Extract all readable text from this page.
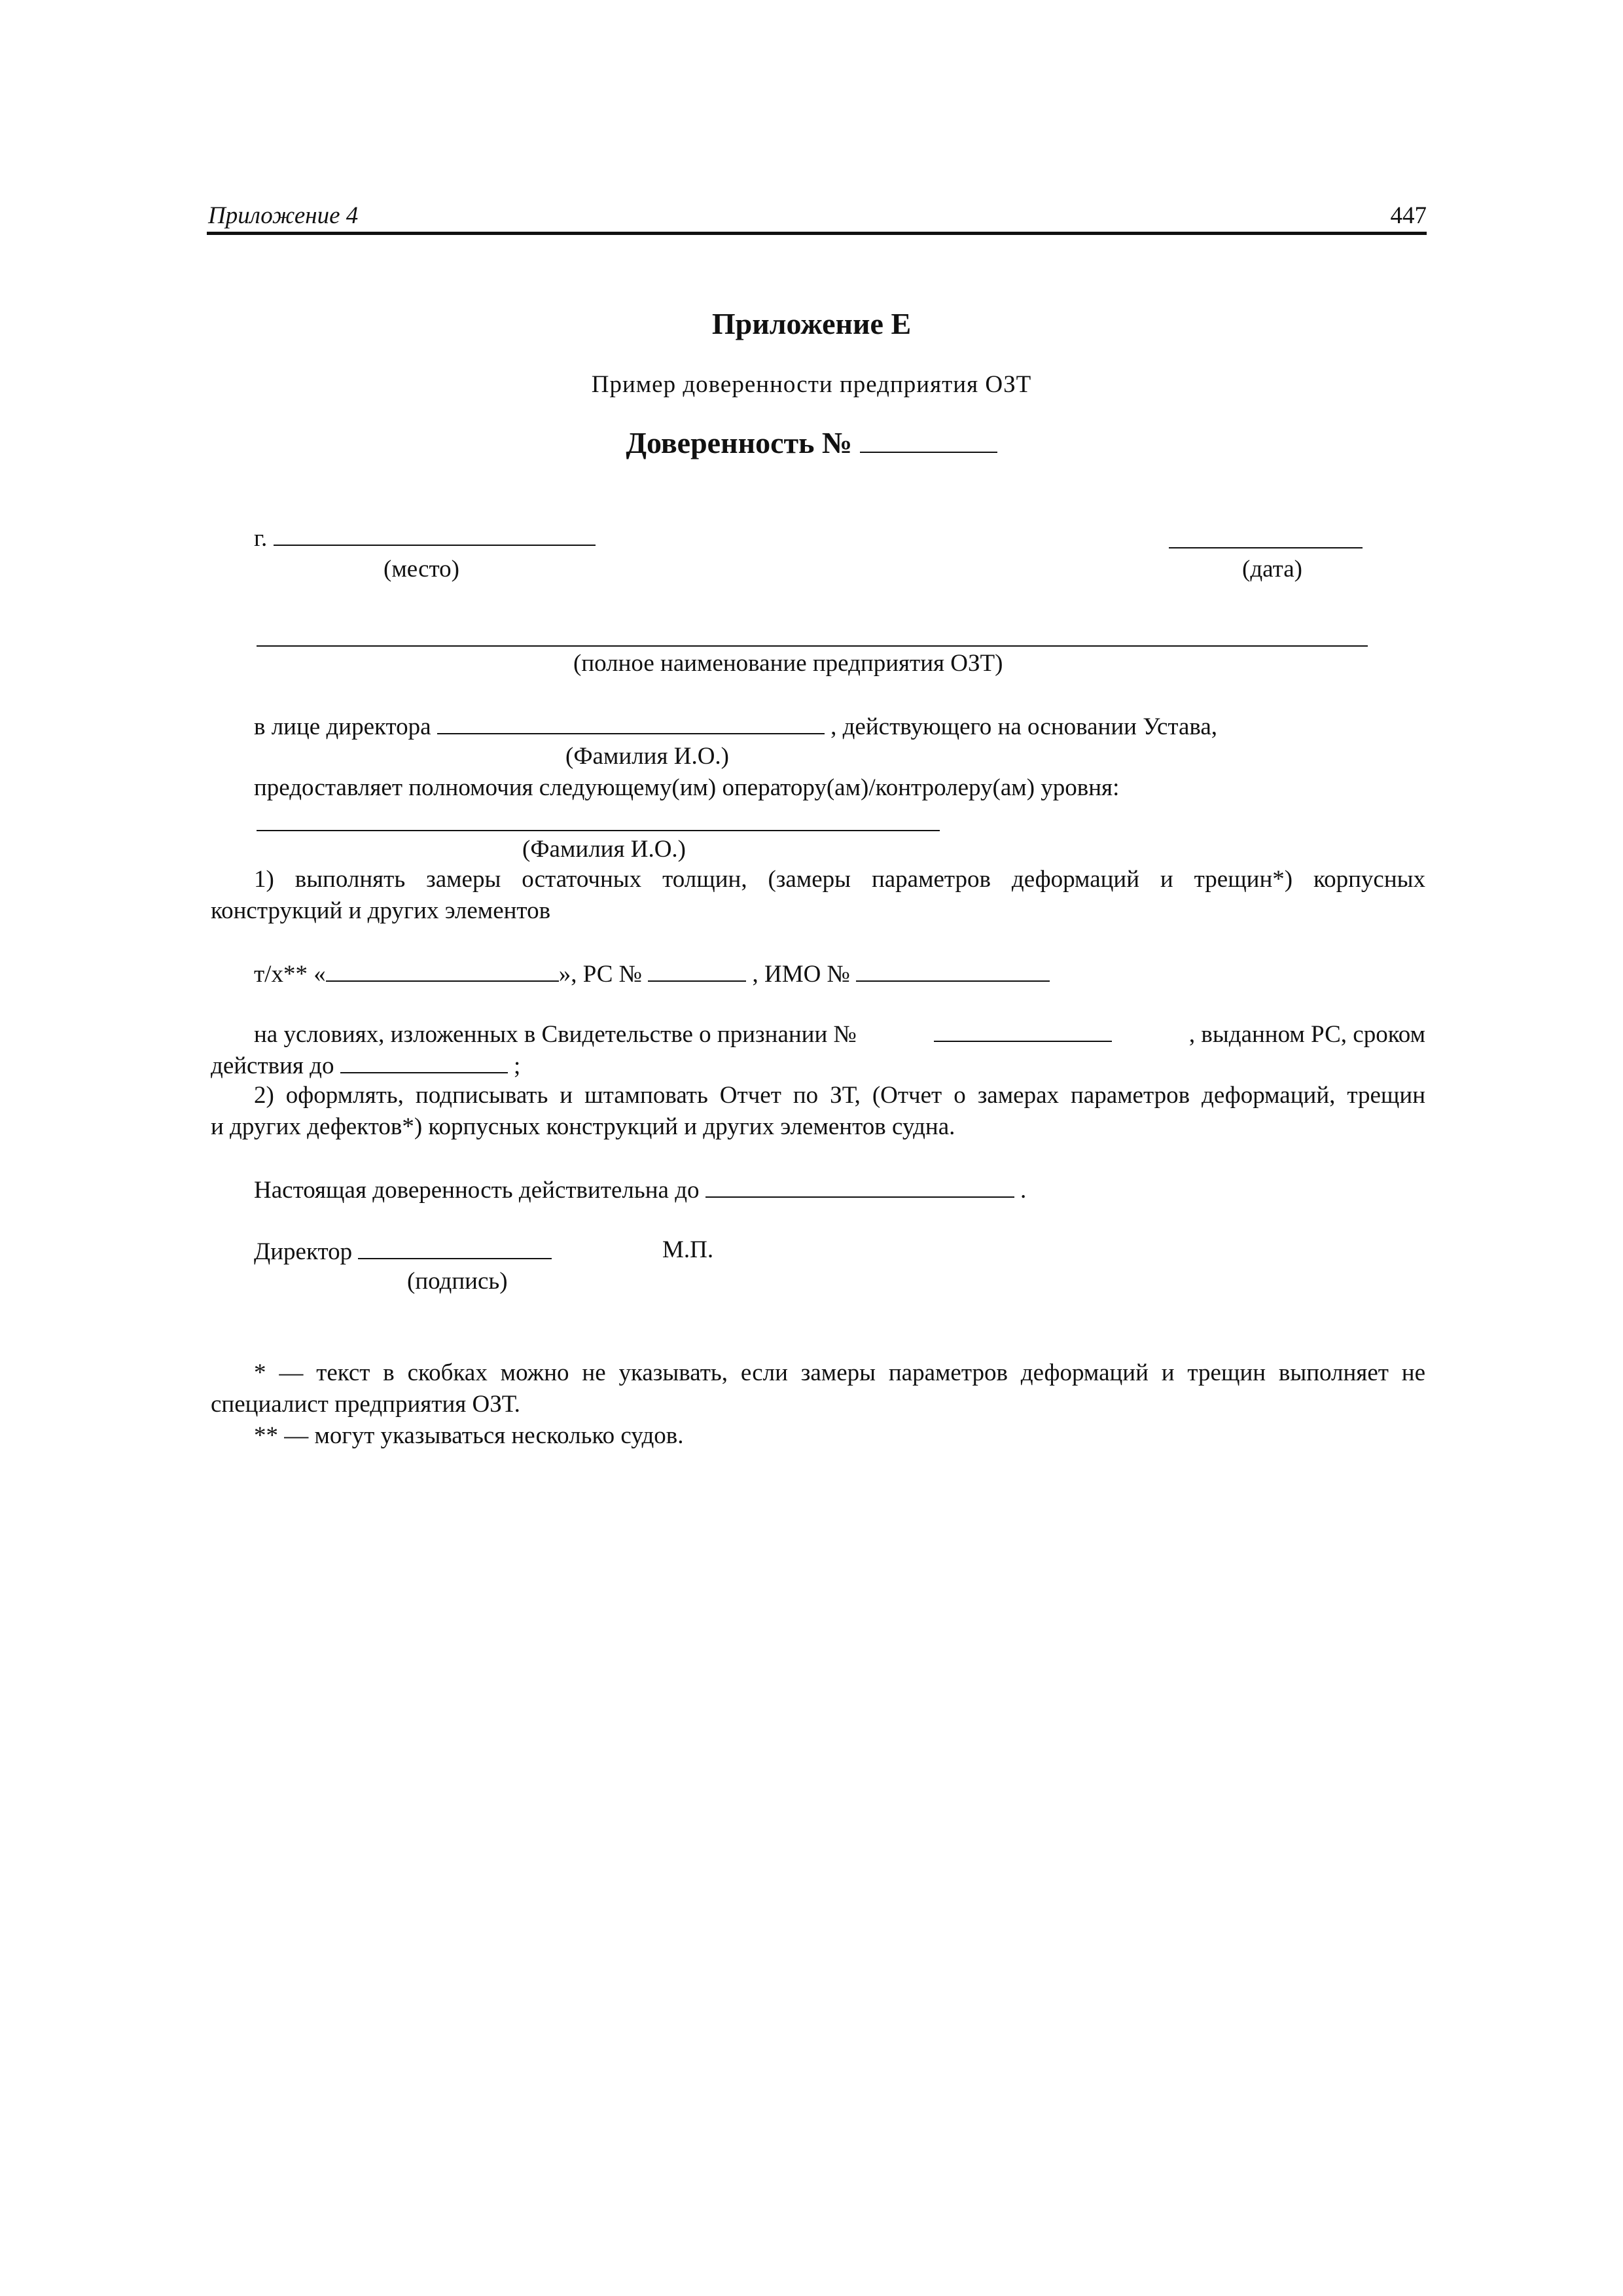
Приложение 4	447
Приложение Е
Пример доверенности предприятия ОЗТ
Доверенность №
г.
(место)	(дата)
(полное наименование предприятия ОЗТ)
в лице директора	, действующего на основании Устава,
(Фамилия И.О.)
предоставляет полномочия следующему(им) оператору(ам)/контролеру(ам) уровня:
(Фамилия И.О.)
1) выполнять замеры остаточных толщин, (замеры параметров деформаций и трещин*) корпусных
конструкций и других элементов
т/х** «	», РС №	, ИМО №
на условиях, изложенных в Свидетельстве о признании №	, выданном РС, сроком
действия до	;
2) оформлять, подписывать и штамповать Отчет по ЗТ, (Отчет о замерах параметров деформаций, трещин
и других дефектов*) корпусных конструкций и других элементов судна.
Настоящая доверенность действительна до	.
Директор	М.П.
(подпись)
* — текст в скобках можно не указывать, если замеры параметров деформаций и трещин выполняет не
специалист предприятия ОЗТ.
** — могут указываться несколько судов.
